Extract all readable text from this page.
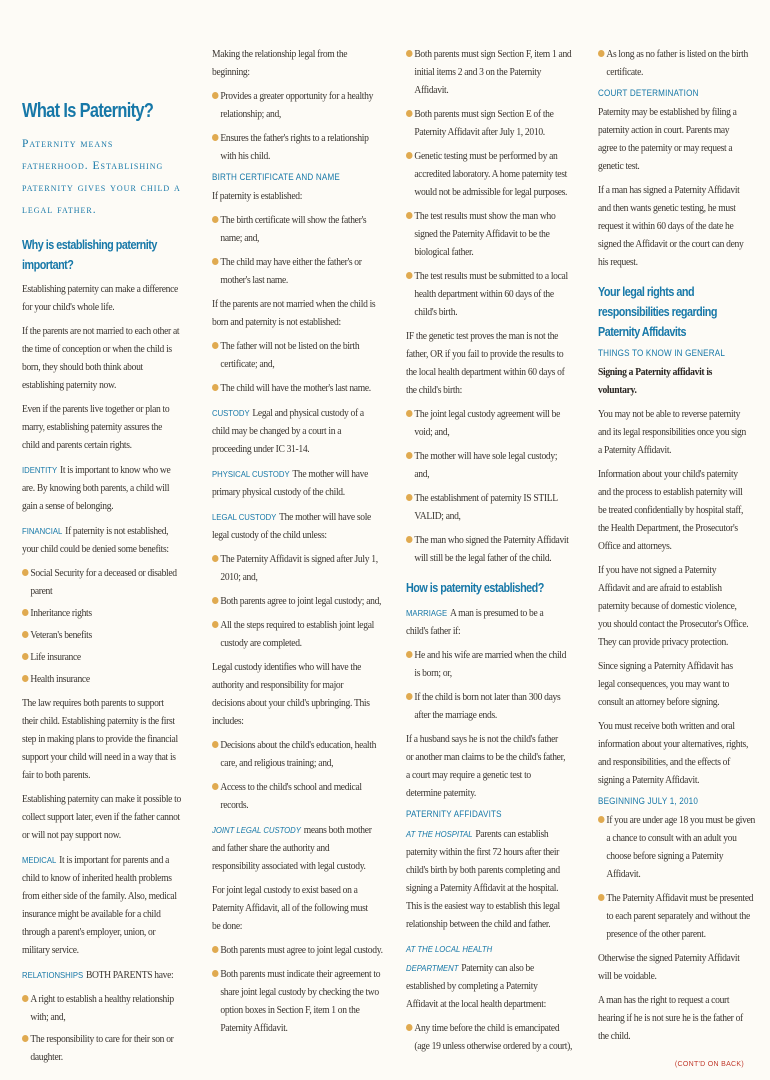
What Is Paternity?
Paternity means fatherhood. Establishing paternity gives your child a legal father.
Why is establishing paternity important?

Establishing paternity can make a difference for your child's whole life.

If the parents are not married to each other at the time of conception or when the child is born, they should both think about establishing paternity now.

Even if the parents live together or plan to marry, establishing paternity assures the child and parents certain rights.

IDENTITY It is important to know who we are. By knowing both parents, a child will gain a sense of belonging.

FINANCIAL If paternity is not established, your child could be denied some benefits:

Social Security for a deceased or disabled parent

Inheritance rights

Veteran's benefits

Life insurance

Health insurance

The law requires both parents to support their child. Establishing paternity is the first step in making plans to provide the financial support your child will need in a way that is fair to both parents.

Establishing paternity can make it possible to collect support later, even if the father cannot or will not pay support now.

MEDICAL It is important for parents and a child to know of inherited health problems from either side of the family. Also, medical insurance might be available for a child through a parent's employer, union, or military service.

RELATIONSHIPS BOTH PARENTS have:

A right to establish a healthy relationship with; and,

The responsibility to care for their son or daughter.

Making the relationship legal from the beginning:

Provides a greater opportunity for a healthy relationship; and,

Ensures the father's rights to a relationship with his child.

BIRTH CERTIFICATE AND NAME

If paternity is established:

The birth certificate will show the father's name; and,

The child may have either the father's or mother's last name.

If the parents are not married when the child is born and paternity is not established:

The father will not be listed on the birth certificate; and,

The child will have the mother's last name.

CUSTODY Legal and physical custody of a child may be changed by a court in a proceeding under IC 31-14.

PHYSICAL CUSTODY The mother will have primary physical custody of the child.

LEGAL CUSTODY The mother will have sole legal custody of the child unless:

The Paternity Affidavit is signed after July 1, 2010; and,

Both parents agree to joint legal custody; and,

All the steps required to establish joint legal custody are completed.

Legal custody identifies who will have the authority and responsibility for major decisions about your child's upbringing. This includes:

Decisions about the child's education, health care, and religious training; and,

Access to the child's school and medical records.

JOINT LEGAL CUSTODY means both mother and father share the authority and responsibility associated with legal custody.

For joint legal custody to exist based on a Paternity Affidavit, all of the following must be done:

Both parents must agree to joint legal custody.

Both parents must indicate their agreement to share joint legal custody by checking the two option boxes in Section F, item 1 on the Paternity Affidavit.

Both parents must sign Section F, item 1 and initial items 2 and 3 on the Paternity Affidavit.

Both parents must sign Section E of the Paternity Affidavit after July 1, 2010.

Genetic testing must be performed by an accredited laboratory. A home paternity test would not be admissible for legal purposes.

The test results must show the man who signed the Paternity Affidavit to be the biological father.

The test results must be submitted to a local health department within 60 days of the child's birth.

IF the genetic test proves the man is not the father, OR if you fail to provide the results to the local health department within 60 days of the child's birth:

The joint legal custody agreement will be void; and,

The mother will have sole legal custody; and,

The establishment of paternity IS STILL VALID; and,

The man who signed the Paternity Affidavit will still be the legal father of the child.

How is paternity established?

MARRIAGE A man is presumed to be a child's father if:

He and his wife are married when the child is born; or,

If the child is born not later than 300 days after the marriage ends.

If a husband says he is not the child's father or another man claims to be the child's father, a court may require a genetic test to determine paternity.

PATERNITY AFFIDAVITS

AT THE HOSPITAL Parents can establish paternity within the first 72 hours after their child's birth by both parents completing and signing a Paternity Affidavit at the hospital. This is the easiest way to establish this legal relationship between the child and father.

AT THE LOCAL HEALTH DEPARTMENT Paternity can also be established by completing a Paternity Affidavit at the local health department:

Any time before the child is emancipated (age 19 unless otherwise ordered by a court),

As long as no father is listed on the birth certificate.

COURT DETERMINATION

Paternity may be established by filing a paternity action in court. Parents may agree to the paternity or may request a genetic test.

If a man has signed a Paternity Affidavit and then wants genetic testing, he must request it within 60 days of the date he signed the Affidavit or the court can deny his request.

Your legal rights and responsibilities regarding Paternity Affidavits
THINGS TO KNOW IN GENERAL

Signing a Paternity affidavit is voluntary.

You may not be able to reverse paternity and its legal responsibilities once you sign a Paternity Affidavit.

Information about your child's paternity and the process to establish paternity will be treated confidentially by hospital staff, the Health Department, the Prosecutor's Office and attorneys.

If you have not signed a Paternity Affidavit and are afraid to establish paternity because of domestic violence, you should contact the Prosecutor's Office. They can provide privacy protection.

Since signing a Paternity Affidavit has legal consequences, you may want to consult an attorney before signing.

You must receive both written and oral information about your alternatives, rights, and responsibilities, and the effects of signing a Paternity Affidavit.

BEGINNING JULY 1, 2010

If you are under age 18 you must be given a chance to consult with an adult you choose before signing a Paternity Affidavit.

The Paternity Affidavit must be presented to each parent separately and without the presence of the other parent.

Otherwise the signed Paternity Affidavit will be voidable.

A man has the right to request a court hearing if he is not sure he is the father of the child.

(CONT'D ON BACK)
